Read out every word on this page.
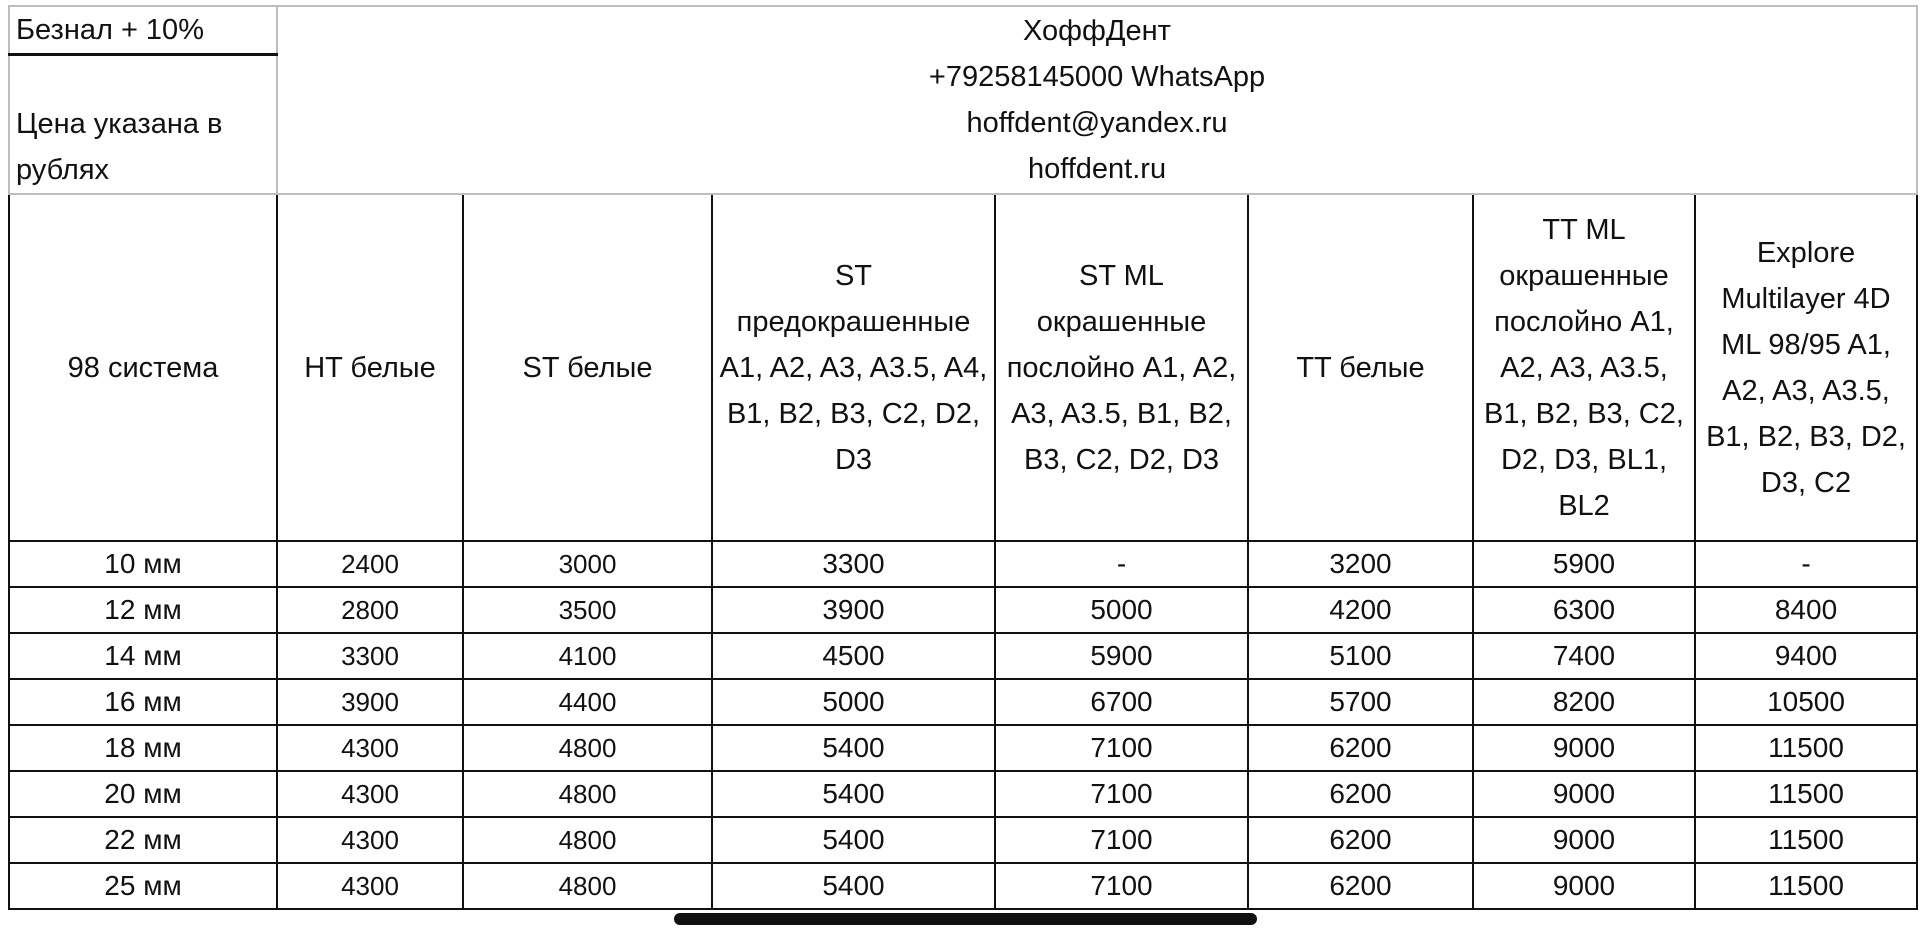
Безнал + 10%	ХоффДент
+79258145000 WhatsApp
hoffdent@yandex.ru
hoffdent.ru						

Цена указана в рублях							
98 система	HT белые	ST белые	ST предокрашенные A1, A2, A3, A3.5, A4, B1, B2, B3, C2, D2, D3	ST ML окрашенные послойно A1, A2, A3, A3.5, B1, B2, B3, C2, D2, D3	TT белые	TT ML окрашенные послойно A1, A2, A3, A3.5, B1, B2, B3, C2, D2, D3, BL1, BL2	Explore Multilayer 4D ML 98/95 A1, A2, A3, A3.5, B1, B2, B3, D2, D3, C2
10 мм	2400	3000	3300	-	3200	5900	-
12 мм	2800	3500	3900	5000	4200	6300	8400
14 мм	3300	4100	4500	5900	5100	7400	9400
16 мм	3900	4400	5000	6700	5700	8200	10500
18 мм	4300	4800	5400	7100	6200	9000	11500
20 мм	4300	4800	5400	7100	6200	9000	11500
22 мм	4300	4800	5400	7100	6200	9000	11500
25 мм	4300	4800	5400	7100	6200	9000	11500
